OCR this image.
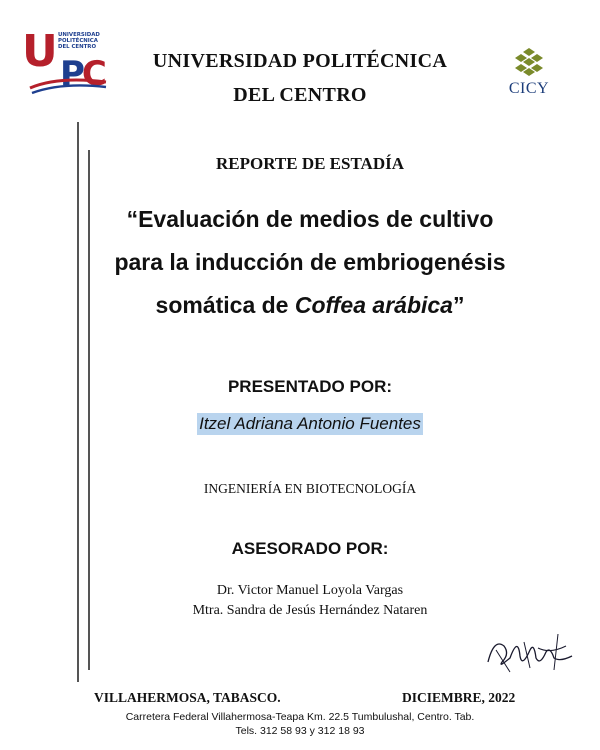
U PC
UNIVERSIDAD
POLITÉCNICA
DEL CENTRO
UNIVERSIDAD POLITÉCNICA
DEL CENTRO	CICY
REPORTE DE ESTADÍA
“Evaluación de medios de cultivo
para la inducción de embriogenésis
somática de Coffea arábica”
PRESENTADO POR:
Itzel Adriana Antonio Fuentes
INGENIERÍA EN BIOTECNOLOGÍA
ASESORADO POR:
Dr. Victor Manuel Loyola Vargas
Mtra. Sandra de Jesús Hernández Nataren
VILLAHERMOSA, TABASCO.	DICIEMBRE, 2022
Carretera Federal Villahermosa-Teapa Km. 22.5 Tumbulushal, Centro. Tab.
Tels. 312 58 93 y 312 18 93
